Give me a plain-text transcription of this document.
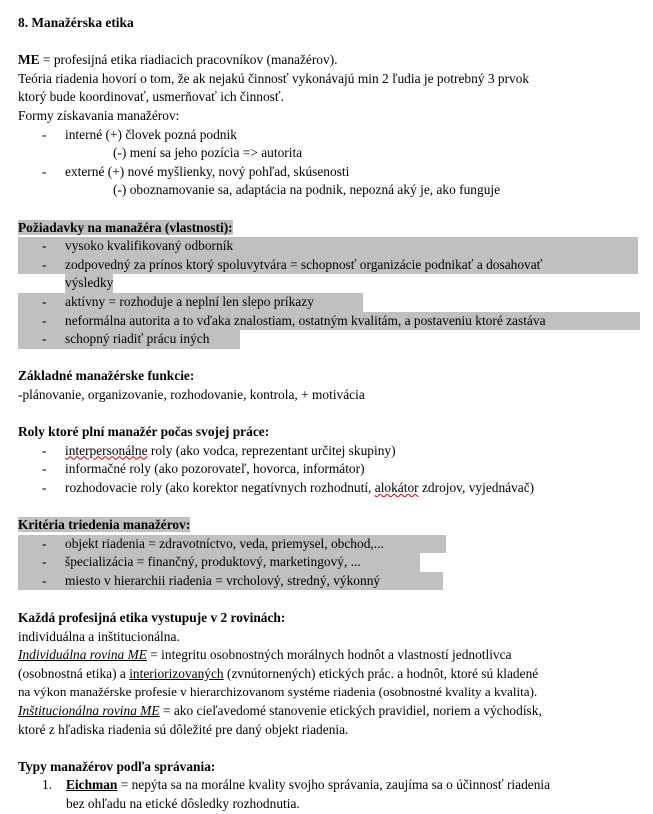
8. Manažérska etika
ME = profesijná etika riadiacich pracovníkov (manažérov).
Teória riadenia hovorí o tom, že ak nejakú činnosť vykonávajú min 2 ľudia je potrebný 3 prvok
ktorý bude koordinovať, usmerňovať ich činnosť.
Formy získavania manažérov:
- interné (+) človek pozná podnik
(-) mení sa jeho pozícia => autorita
- externé (+) nové myšlienky, nový pohľad, skúsenosti
(-) oboznamovanie sa, adaptácia na podnik, nepozná aký je, ako funguje
Požiadavky na manažéra (vlastnosti):
- vysoko kvalifikovaný odborník
- zodpovedný za prínos ktorý spoluvytvára = schopnosť organizácie podnikať a dosahovať
výsledky
- aktívny = rozhoduje a neplní len slepo príkazy
- neformálna autorita a to vďaka znalostiam, ostatným kvalitám, a postaveniu ktoré zastáva
- schopný riadiť prácu iných
Základné manažérske funkcie:
-plánovanie, organizovanie, rozhodovanie, kontrola, + motivácia
Roly ktoré plní manažér počas svojej práce:
- interpersonálne roly (ako vodca, reprezentant určitej skupiny)
- informačné roly (ako pozorovateľ, hovorca, informátor)
- rozhodovacie roly (ako korektor negatívnych rozhodnutí, alokátor zdrojov, vyjednávač)
Kritéria triedenia manažérov:
- objekt riadenia = zdravotníctvo, veda, priemysel, obchod,...
- špecializácia = finančný, produktový, marketingový, ...
- miesto v hierarchii riadenia = vrcholový, stredný, výkonný
Každá profesijná etika vystupuje v 2 rovinách:
individuálna a inštitucionálna.
Individuálna rovina ME = integritu osobnostných morálnych hodnôt a vlastností jednotlivca
(osobnostná etika) a interiorizovaných (zvnútornených) etických prác. a hodnôt, ktoré sú kladené
na výkon manažérske profesie v hierarchizovanom systéme riadenia (osobnostné kvality a kvalita).
Inštitucionálna rovina ME = ako cieľavedomé stanovenie etických pravidiel, noriem a východísk,
ktoré z hľadiska riadenia sú dôležité pre daný objekt riadenia.
Typy manažérov podľa správania:
1. Eichman = nepýta sa na morálne kvality svojho správania, zaujíma sa o účinnosť riadenia
bez ohľadu na etické dôsledky rozhodnutia.
